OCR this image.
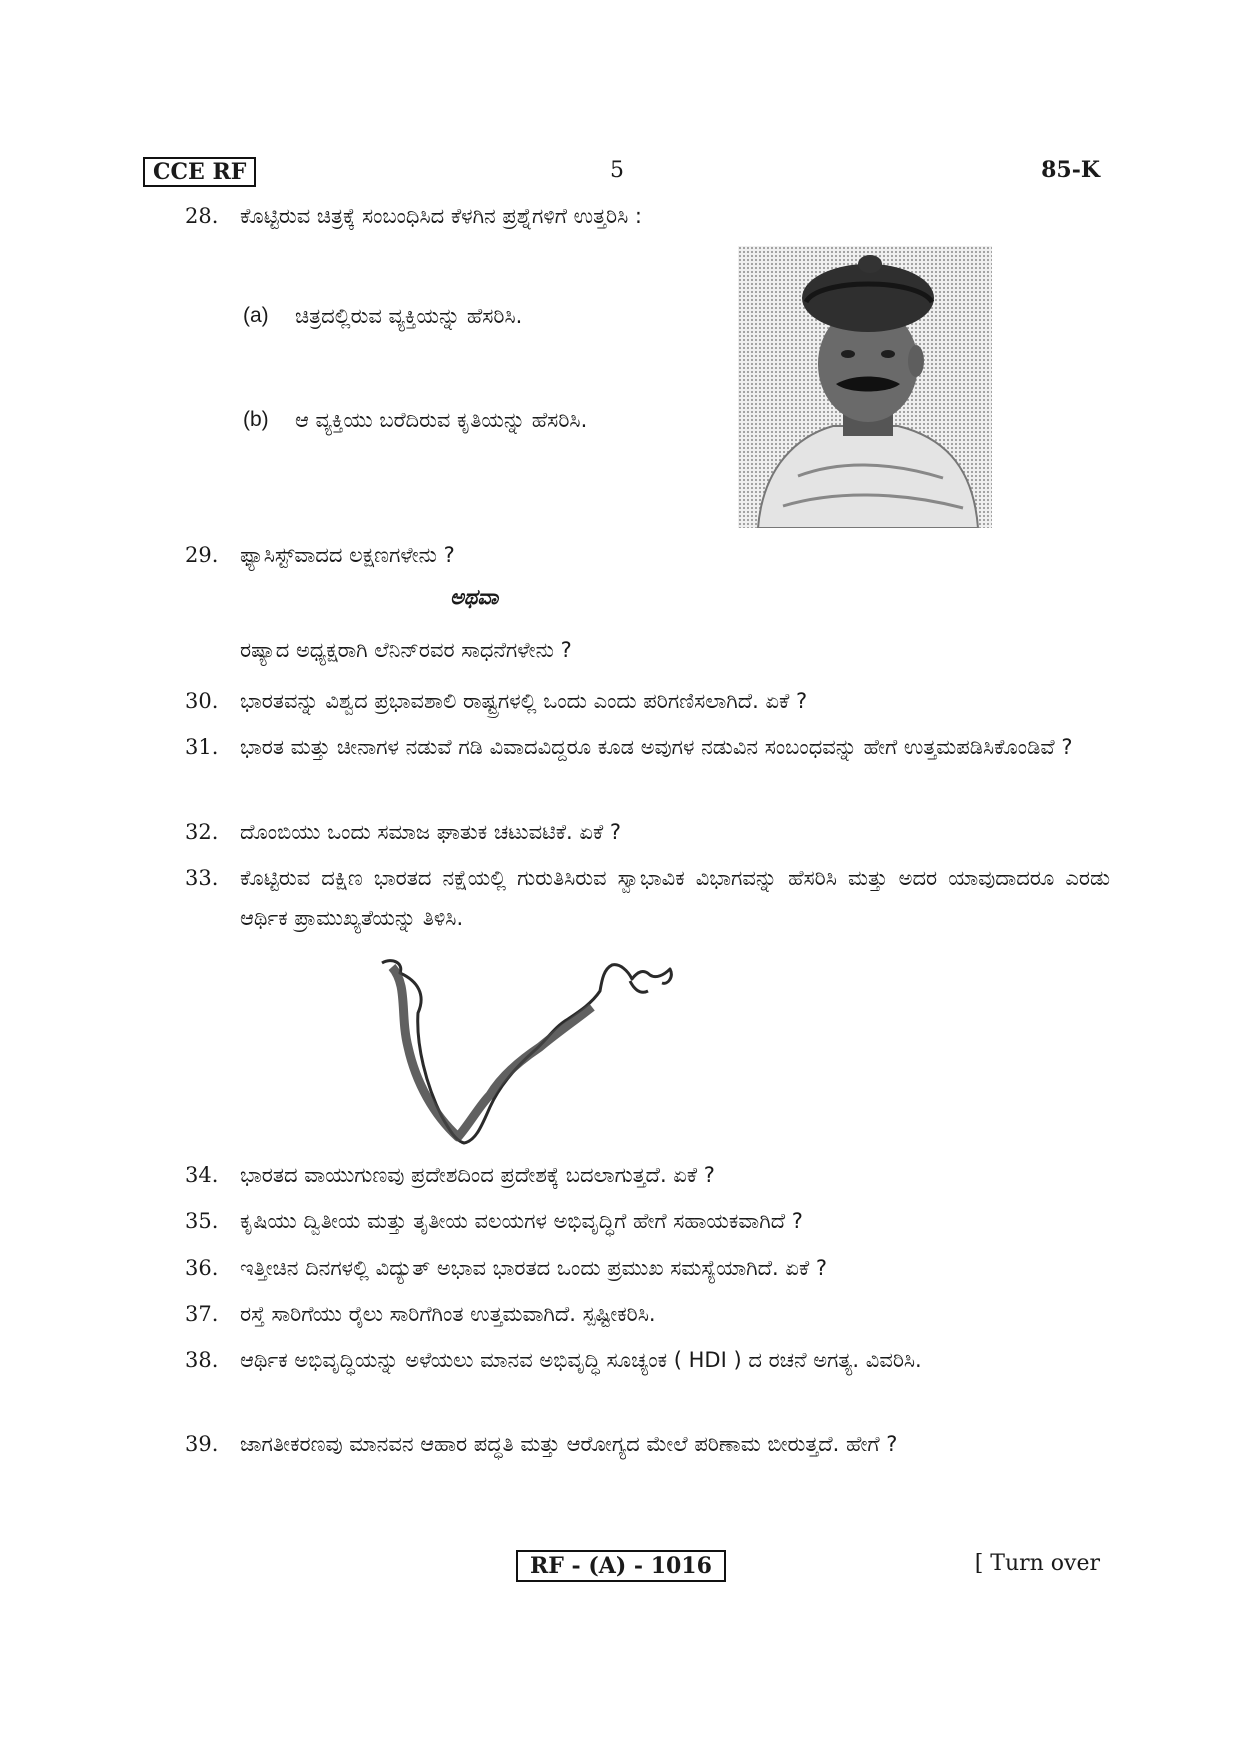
CCE RF	5	85-K
28.	ಕೊಟ್ಟಿರುವ ಚಿತ್ರಕ್ಕೆ ಸಂಬಂಧಿಸಿದ ಕೆಳಗಿನ ಪ್ರಶ್ನೆಗಳಿಗೆ ಉತ್ತರಿಸಿ :
(a) ಚಿತ್ರದಲ್ಲಿರುವ ವ್ಯಕ್ತಿಯನ್ನು ಹೆಸರಿಸಿ.
(b) ಆ ವ್ಯಕ್ತಿಯು ಬರೆದಿರುವ ಕೃತಿಯನ್ನು ಹೆಸರಿಸಿ.
29.	ಫ್ಯಾಸಿಸ್ಟ್‌ವಾದದ ಲಕ್ಷಣಗಳೇನು ?
ಅಥವಾ
ರಷ್ಯಾದ ಅಧ್ಯಕ್ಷರಾಗಿ ಲೆನಿನ್‌ರವರ ಸಾಧನೆಗಳೇನು ?
30.	ಭಾರತವನ್ನು ವಿಶ್ವದ ಪ್ರಭಾವಶಾಲಿ ರಾಷ್ಟ್ರಗಳಲ್ಲಿ ಒಂದು ಎಂದು ಪರಿಗಣಿಸಲಾಗಿದೆ. ಏಕೆ ?
31.	ಭಾರತ ಮತ್ತು ಚೀನಾಗಳ ನಡುವೆ ಗಡಿ ವಿವಾದವಿದ್ದರೂ ಕೂಡ ಅವುಗಳ ನಡುವಿನ ಸಂಬಂಧವನ್ನು ಹೇಗೆ ಉತ್ತಮಪಡಿಸಿಕೊಂಡಿವೆ ?
32.	ದೊಂಬಿಯು ಒಂದು ಸಮಾಜ ಘಾತುಕ ಚಟುವಟಿಕೆ. ಏಕೆ ?
33.	ಕೊಟ್ಟಿರುವ ದಕ್ಷಿಣ ಭಾರತದ ನಕ್ಷೆಯಲ್ಲಿ ಗುರುತಿಸಿರುವ ಸ್ವಾಭಾವಿಕ ವಿಭಾಗವನ್ನು ಹೆಸರಿಸಿ ಮತ್ತು ಅದರ ಯಾವುದಾದರೂ ಎರಡು ಆರ್ಥಿಕ ಪ್ರಾಮುಖ್ಯತೆಯನ್ನು ತಿಳಿಸಿ.
34.	ಭಾರತದ ವಾಯುಗುಣವು ಪ್ರದೇಶದಿಂದ ಪ್ರದೇಶಕ್ಕೆ ಬದಲಾಗುತ್ತದೆ. ಏಕೆ ?
35.	ಕೃಷಿಯು ದ್ವಿತೀಯ ಮತ್ತು ತೃತೀಯ ವಲಯಗಳ ಅಭಿವೃದ್ಧಿಗೆ ಹೇಗೆ ಸಹಾಯಕವಾಗಿದೆ ?
36.	ಇತ್ತೀಚಿನ ದಿನಗಳಲ್ಲಿ ವಿದ್ಯುತ್ ಅಭಾವ ಭಾರತದ ಒಂದು ಪ್ರಮುಖ ಸಮಸ್ಯೆಯಾಗಿದೆ. ಏಕೆ ?
37.	ರಸ್ತೆ ಸಾರಿಗೆಯು ರೈಲು ಸಾರಿಗೆಗಿಂತ ಉತ್ತಮವಾಗಿದೆ. ಸ್ಪಷ್ಟೀಕರಿಸಿ.
38.	ಆರ್ಥಿಕ ಅಭಿವೃದ್ಧಿಯನ್ನು ಅಳೆಯಲು ಮಾನವ ಅಭಿವೃದ್ಧಿ ಸೂಚ್ಯಂಕ ( HDI ) ದ ರಚನೆ ಅಗತ್ಯ. ವಿವರಿಸಿ.
39.	ಜಾಗತೀಕರಣವು ಮಾನವನ ಆಹಾರ ಪದ್ಧತಿ ಮತ್ತು ಆರೋಗ್ಯದ ಮೇಲೆ ಪರಿಣಾಮ ಬೀರುತ್ತದೆ. ಹೇಗೆ ?
RF - (A) - 1016	[ Turn over
